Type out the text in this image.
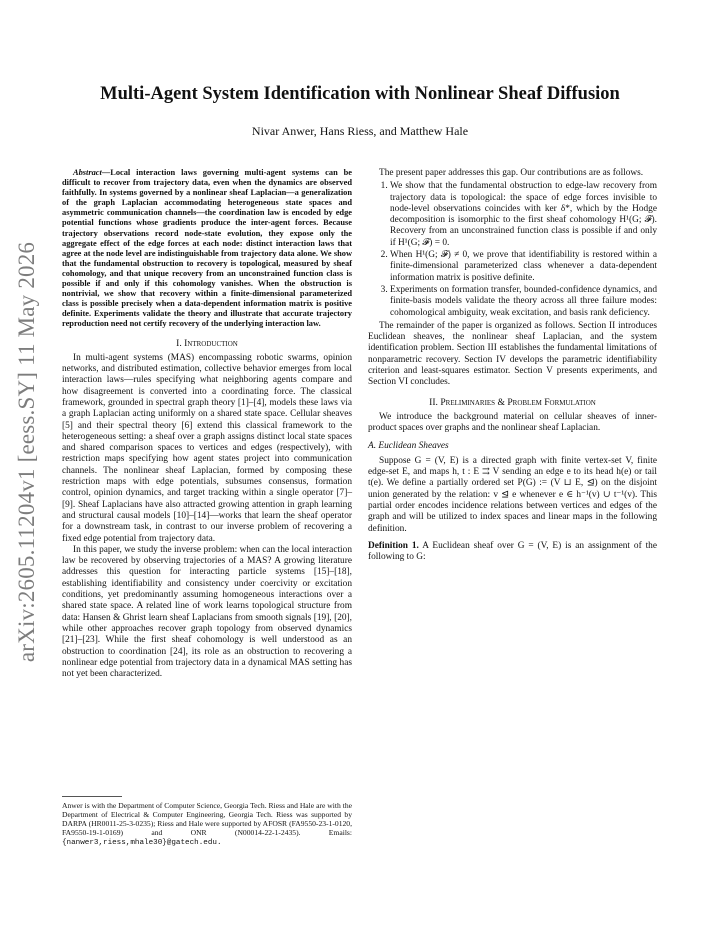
arXiv:2605.11204v1 [eess.SY] 11 May 2026
Multi-Agent System Identification with Nonlinear Sheaf Diffusion
Nivar Anwer, Hans Riess, and Matthew Hale

Abstract—Local interaction laws governing multi-agent systems can be difficult to recover from trajectory data, even when the dynamics are observed faithfully. In systems governed by a nonlinear sheaf Laplacian—a generalization of the graph Laplacian accommodating heterogeneous state spaces and asymmetric communication channels—the coordination law is encoded by edge potential functions whose gradients produce the inter-agent forces. Because trajectory observations record node-state evolution, they expose only the aggregate effect of the edge forces at each node: distinct interaction laws that agree at the node level are indistinguishable from trajectory data alone. We show that the fundamental obstruction to recovery is topological, measured by sheaf cohomology, and that unique recovery from an unconstrained function class is possible if and only if this cohomology vanishes. When the obstruction is nontrivial, we show that recovery within a finite-dimensional parameterized class is possible precisely when a data-dependent information matrix is positive definite. Experiments validate the theory and illustrate that accurate trajectory reproduction need not certify recovery of the underlying interaction law.

I. Introduction

In multi-agent systems (MAS) encompassing robotic swarms, opinion networks, and distributed estimation, collective behavior emerges from local interaction laws—rules specifying what neighboring agents compare and how disagreement is converted into a coordinating force. The classical framework, grounded in spectral graph theory [1]–[4], models these laws via a graph Laplacian acting uniformly on a shared state space. Cellular sheaves [5] and their spectral theory [6] extend this classical framework to the heterogeneous setting: a sheaf over a graph assigns distinct local state spaces and shared comparison spaces to vertices and edges (respectively), with restriction maps specifying how agent states project into communication channels. The nonlinear sheaf Laplacian, formed by composing these restriction maps with edge potentials, subsumes consensus, formation control, opinion dynamics, and target tracking within a single operator [7]–[9]. Sheaf Laplacians have also attracted growing attention in graph learning and structural causal models [10]–[14]—works that learn the sheaf operator for a downstream task, in contrast to our inverse problem of recovering a fixed edge potential from trajectory data.

In this paper, we study the inverse problem: when can the local interaction law be recovered by observing trajectories of a MAS? A growing literature addresses this question for interacting particle systems [15]–[18], establishing identifiability and consistency under coercivity or excitation conditions, yet predominantly assuming homogeneous interactions over a shared state space. A related line of work learns topological structure from data: Hansen & Ghrist learn sheaf Laplacians from smooth signals [19], [20], while other approaches recover graph topology from observed dynamics [21]–[23]. While the first sheaf cohomology is well understood as an obstruction to coordination [24], its role as an obstruction to recovering a nonlinear edge potential from trajectory data in a dynamical MAS setting has not yet been characterized.

The present paper addresses this gap. Our contributions are as follows.

1. We show that the fundamental obstruction to edge-law recovery from trajectory data is topological: the space of edge forces invisible to node-level observations coincides with ker δ*, which by the Hodge decomposition is isomorphic to the first sheaf cohomology H¹(G; 𝓕). Recovery from an unconstrained function class is possible if and only if H¹(G; 𝓕) = 0.
2. When H¹(G; 𝓕) ≠ 0, we prove that identifiability is restored within a finite-dimensional parameterized class whenever a data-dependent information matrix is positive definite.
3. Experiments on formation transfer, bounded-confidence dynamics, and finite-basis models validate the theory across all three failure modes: cohomological ambiguity, weak excitation, and basis rank deficiency.

The remainder of the paper is organized as follows. Section II introduces Euclidean sheaves, the nonlinear sheaf Laplacian, and the system identification problem. Section III establishes the fundamental limitations of nonparametric recovery. Section IV develops the parametric identifiability criterion and least-squares estimator. Section V presents experiments, and Section VI concludes.

II. Preliminaries & Problem Formulation

We introduce the background material on cellular sheaves of inner-product spaces over graphs and the nonlinear sheaf Laplacian.

A. Euclidean Sheaves

Suppose G = (V, E) is a directed graph with finite vertex-set V, finite edge-set E, and maps h, t : E ⇉ V sending an edge e to its head h(e) or tail t(e). We define a partially ordered set P(G) := (V ⊔ E, ⊴) on the disjoint union generated by the relation: v ⊴ e whenever e ∈ h⁻¹(v) ∪ t⁻¹(v). This partial order encodes incidence relations between vertices and edges of the graph and will be utilized to index spaces and linear maps in the following definition.

Definition 1. A Euclidean sheaf over G = (V, E) is an assignment of the following to G:

Anwer is with the Department of Computer Science, Georgia Tech. Riess and Hale are with the Department of Electrical & Computer Engineering, Georgia Tech. Riess was supported by DARPA (HR0011-25-3-0235); Riess and Hale were supported by AFOSR (FA9550-23-1-0120, FA9550-19-1-0169) and ONR (N00014-22-1-2435). Emails: {nanwer3,riess,mhale30}@gatech.edu.
